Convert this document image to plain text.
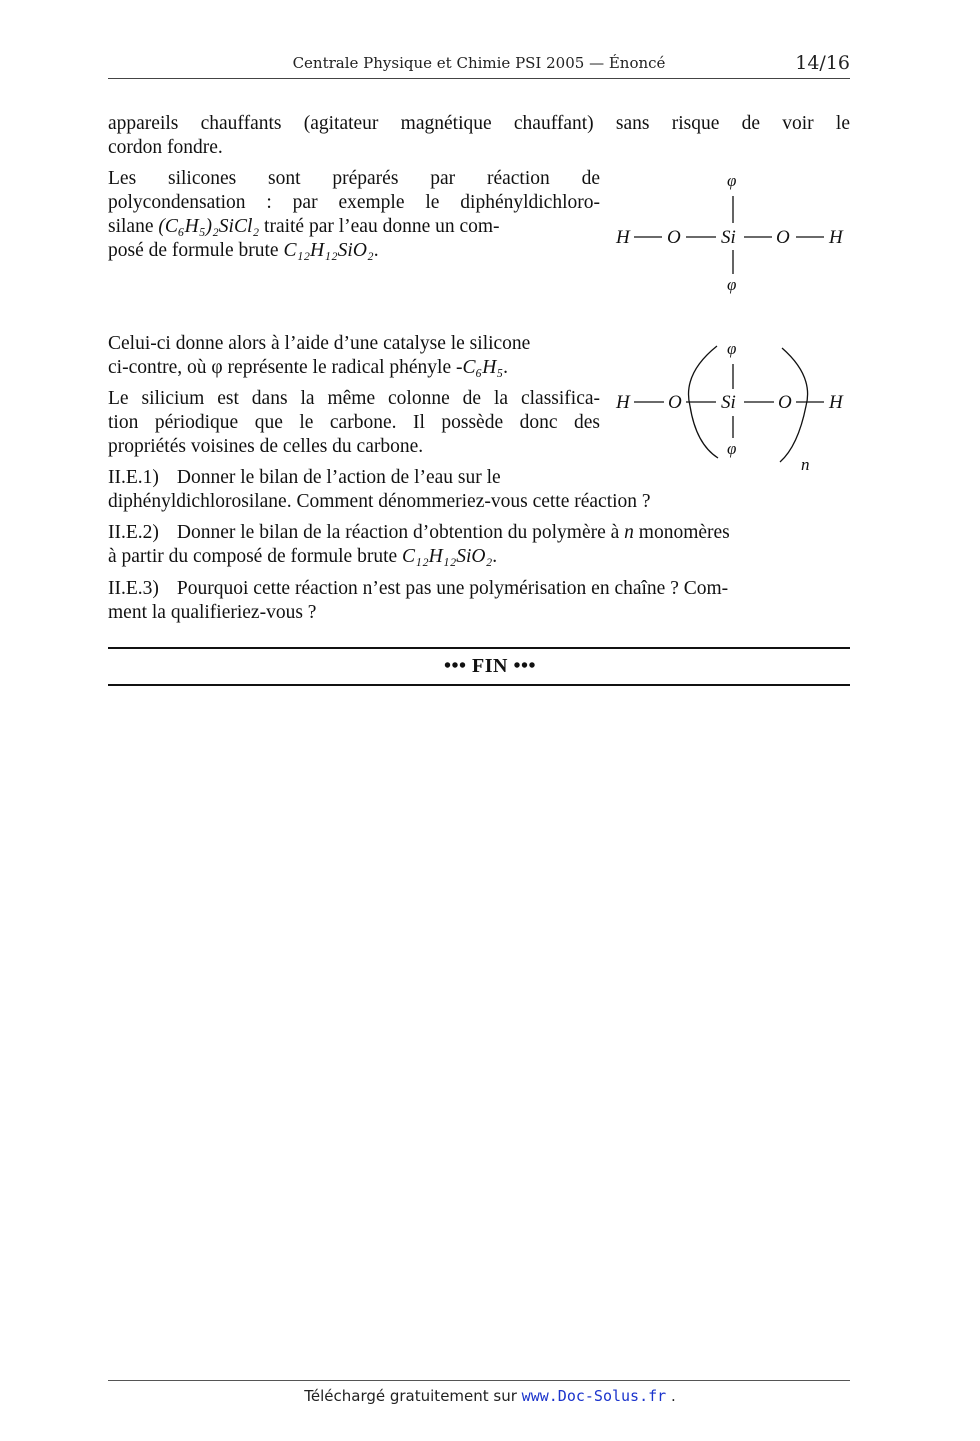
Centrale Physique et Chimie PSI 2005 — Énoncé	14/16
appareils chauffants (agitateur magnétique chauffant) sans risque de voir le
cordon fondre.
Les silicones sont préparés par réaction de
polycondensation : par exemple le diphényldichloro-
silane (C₆H₅)₂SiCl₂ traité par l’eau donne un com-
posé de formule brute C₁₂H₁₂SiO₂.
φ
H O Si O H
φ
Celui-ci donne alors à l’aide d’une catalyse le silicone
ci-contre, où φ représente le radical phényle -C₆H₅.
Le silicium est dans la même colonne de la classifica-
tion périodique que le carbone. Il possède donc des
propriétés voisines de celles du carbone.
φ
H O Si O H
φ
n
II.E.1) Donner le bilan de l’action de l’eau sur le
diphényldichlorosilane. Comment dénommeriez-vous cette réaction ?
II.E.2) Donner le bilan de la réaction d’obtention du polymère à n monomères
à partir du composé de formule brute C₁₂H₁₂SiO₂.
II.E.3) Pourquoi cette réaction n’est pas une polymérisation en chaîne ? Com-
ment la qualifieriez-vous ?
••• FIN •••
Téléchargé gratuitement sur www.Doc-Solus.fr .
